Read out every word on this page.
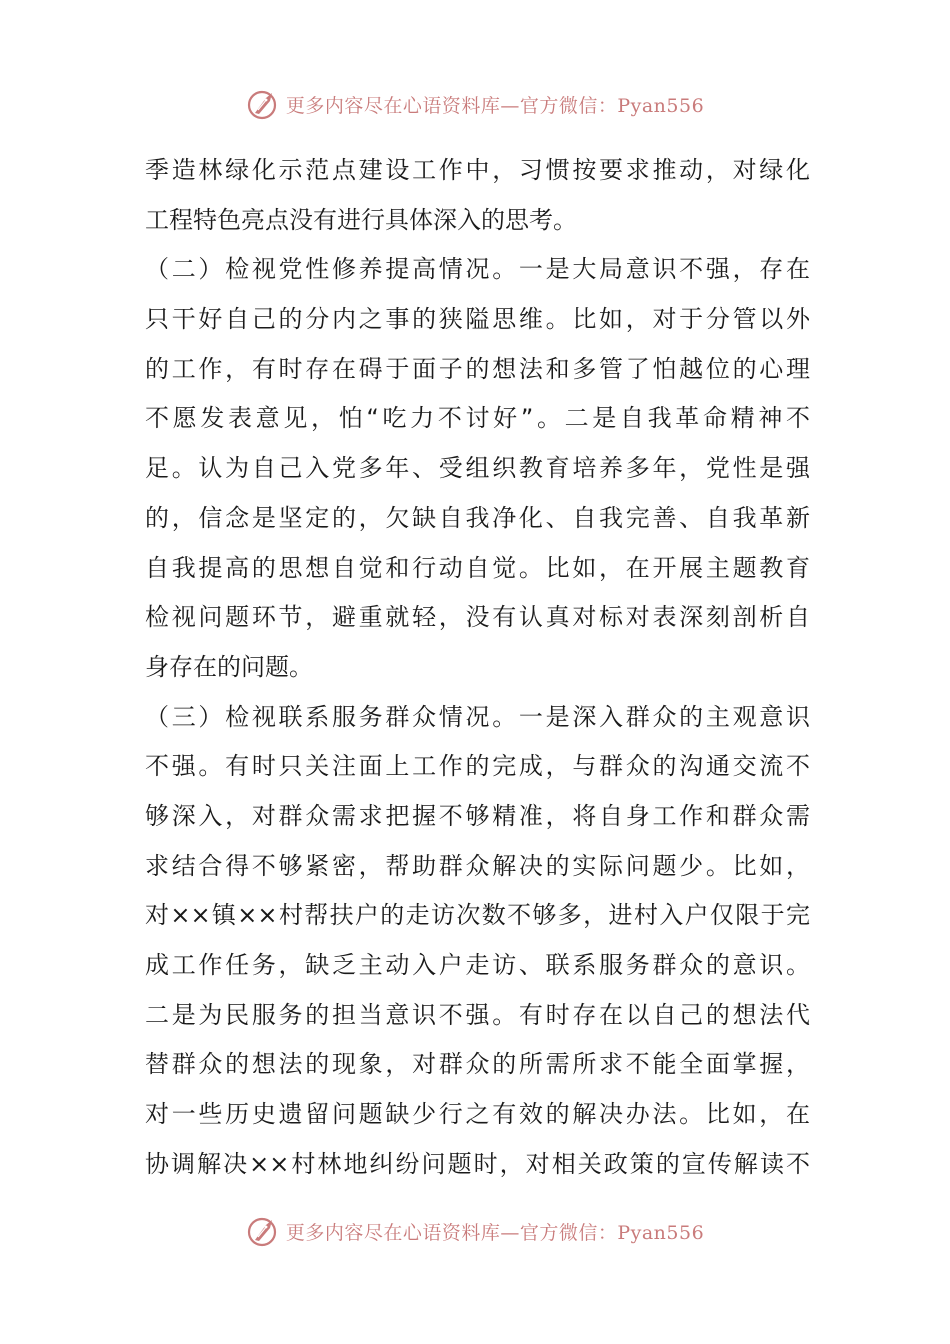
更多内容尽在心语资料库—官方微信：Pyan556
季造林绿化示范点建设工作中，习惯按要求推动，对绿化
工程特色亮点没有进行具体深入的思考。
（二）检视党性修养提高情况。一是大局意识不强，存在
只干好自己的分内之事的狭隘思维。比如，对于分管以外
的工作，有时存在碍于面子的想法和多管了怕越位的心理
不愿发表意见，怕“吃力不讨好”。二是自我革命精神不
足。认为自己入党多年、受组织教育培养多年，党性是强
的，信念是坚定的，欠缺自我净化、自我完善、自我革新
自我提高的思想自觉和行动自觉。比如，在开展主题教育
检视问题环节，避重就轻，没有认真对标对表深刻剖析自
身存在的问题。
（三）检视联系服务群众情况。一是深入群众的主观意识
不强。有时只关注面上工作的完成，与群众的沟通交流不
够深入，对群众需求把握不够精准，将自身工作和群众需
求结合得不够紧密，帮助群众解决的实际问题少。比如，
对××镇××村帮扶户的走访次数不够多，进村入户仅限于完
成工作任务，缺乏主动入户走访、联系服务群众的意识。
二是为民服务的担当意识不强。有时存在以自己的想法代
替群众的想法的现象，对群众的所需所求不能全面掌握，
对一些历史遗留问题缺少行之有效的解决办法。比如，在
协调解决××村林地纠纷问题时，对相关政策的宣传解读不
更多内容尽在心语资料库—官方微信：Pyan556
